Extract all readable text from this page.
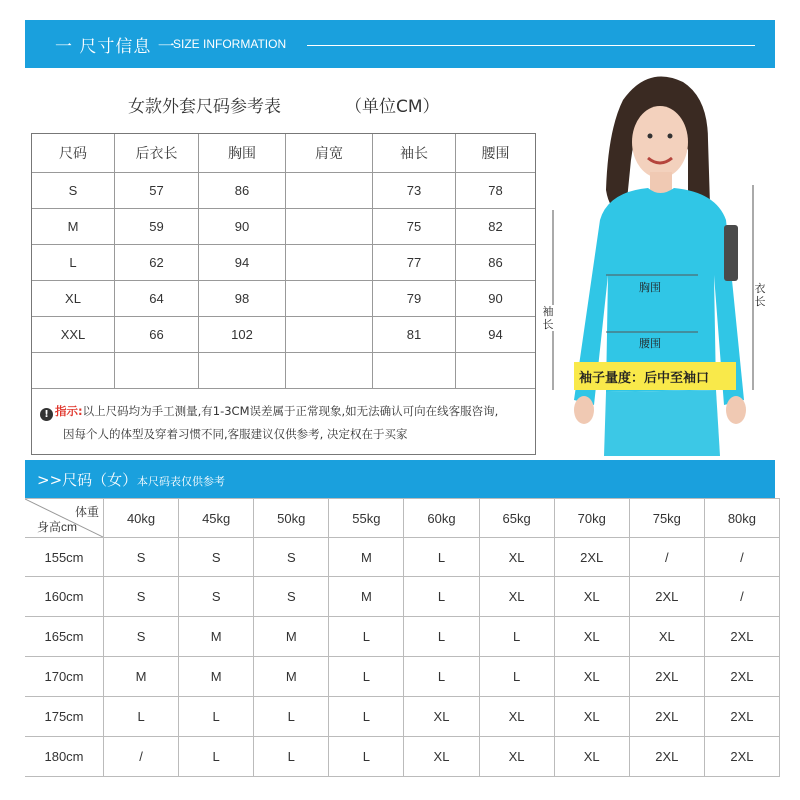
一 尺寸信息 一
SIZE INFORMATION
女款外套尺码参考表	（单位CM）
尺码	后衣长	胸围	肩宽	袖长	腰围
S	57	86		73	78
M	59	90		75	82
L	62	94		77	86
XL	64	98		79	90
XXL	66	102		81	94

! 指示:以上尺码均为手工测量,有1-3CM误差属于正常现象,如无法确认可向在线客服咨询,
因每个人的体型及穿着习惯不同,客服建议仅供参考, 决定权在于买家
胸围
腰围
袖长
衣长
袖子量度：后中至袖口
>>尺码（女） 本尺码表仅供参考
体重
身高cm	40kg	45kg	50kg	55kg	60kg	65kg	70kg	75kg	80kg
155cm	S	S	S	M	L	XL	2XL	/	/
160cm	S	S	S	M	L	XL	XL	2XL	/
165cm	S	M	M	L	L	L	XL	XL	2XL
170cm	M	M	M	L	L	L	XL	2XL	2XL
175cm	L	L	L	L	XL	XL	XL	2XL	2XL
180cm	/	L	L	L	XL	XL	XL	2XL	2XL
